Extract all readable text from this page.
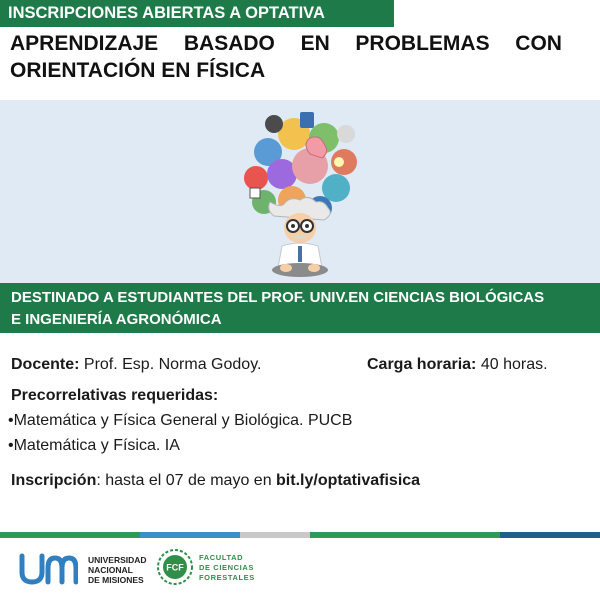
INSCRIPCIONES ABIERTAS A OPTATIVA
APRENDIZAJE BASADO EN PROBLEMAS CON
ORIENTACIÓN EN FÍSICA
DESTINADO A ESTUDIANTES DEL PROF. UNIV.EN CIENCIAS BIOLÓGICAS
E INGENIERÍA AGRONÓMICA
Docente: Prof. Esp. Norma Godoy.	Carga horaria: 40 horas.
Precorrelativas requeridas:
•Matemática y Física General y Biológica. PUCB
•Matemática y Física. IA
Inscripción: hasta el 07 de mayo en bit.ly/optativafisica
UNIVERSIDAD
NACIONAL
DE MISIONES
FCF
FACULTAD
DE CIENCIAS
FORESTALES
